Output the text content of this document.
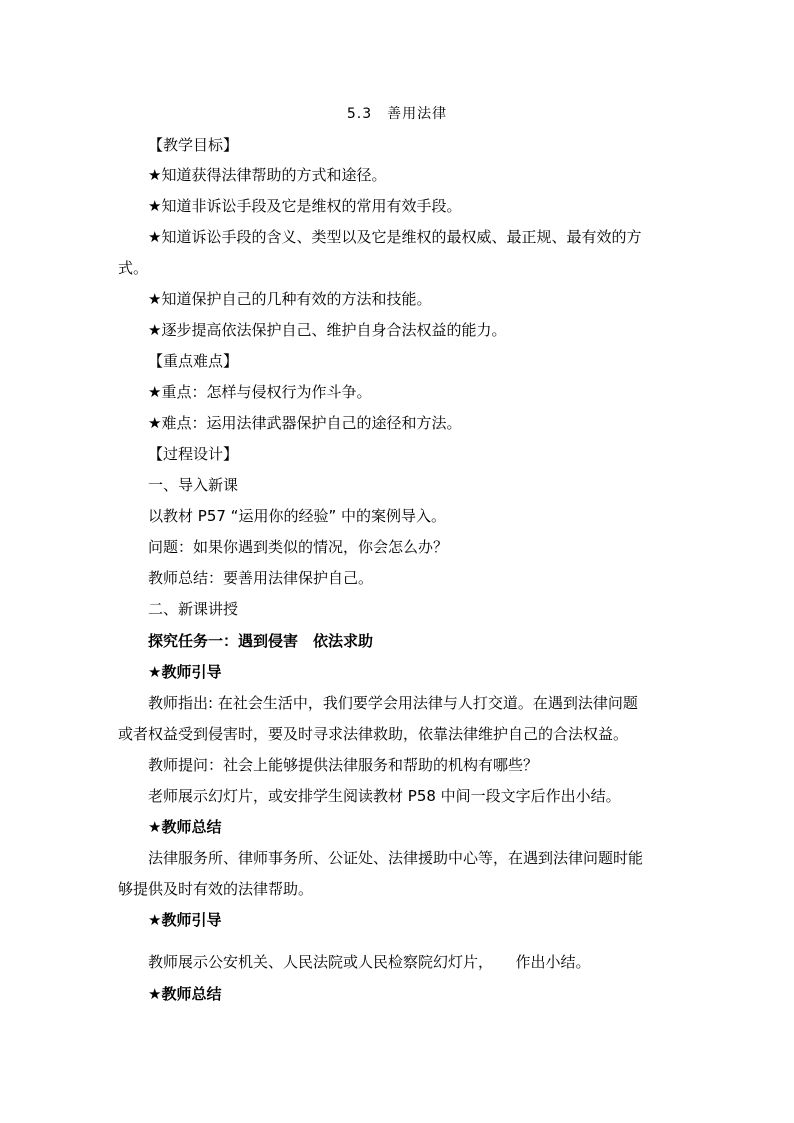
5.3　善用法律
【教学目标】
★知道获得法律帮助的方式和途径。
★知道非诉讼手段及它是维权的常用有效手段。
★知道诉讼手段的含义、类型以及它是维权的最权威、最正规、最有效的方
式。
★知道保护自己的几种有效的方法和技能。
★逐步提高依法保护自己、维护自身合法权益的能力。
【重点难点】
★重点：怎样与侵权行为作斗争。
★难点：运用法律武器保护自己的途径和方法。
【过程设计】
一、导入新课
以教材 P57 “运用你的经验” 中的案例导入。
问题：如果你遇到类似的情况，你会怎么办？
教师总结：要善用法律保护自己。
二、新课讲授
探究任务一：遇到侵害　依法求助
★教师引导
教师指出: 在社会生活中，我们要学会用法律与人打交道。在遇到法律问题
或者权益受到侵害时，要及时寻求法律救助，依靠法律维护自己的合法权益。
教师提问：社会上能够提供法律服务和帮助的机构有哪些？
老师展示幻灯片，或安排学生阅读教材 P58 中间一段文字后作出小结。
★教师总结
法律服务所、律师事务所、公证处、法律援助中心等，在遇到法律问题时能
够提供及时有效的法律帮助。
★教师引导
教师展示公安机关、人民法院或人民检察院幻灯片，　　作出小结。
★教师总结
